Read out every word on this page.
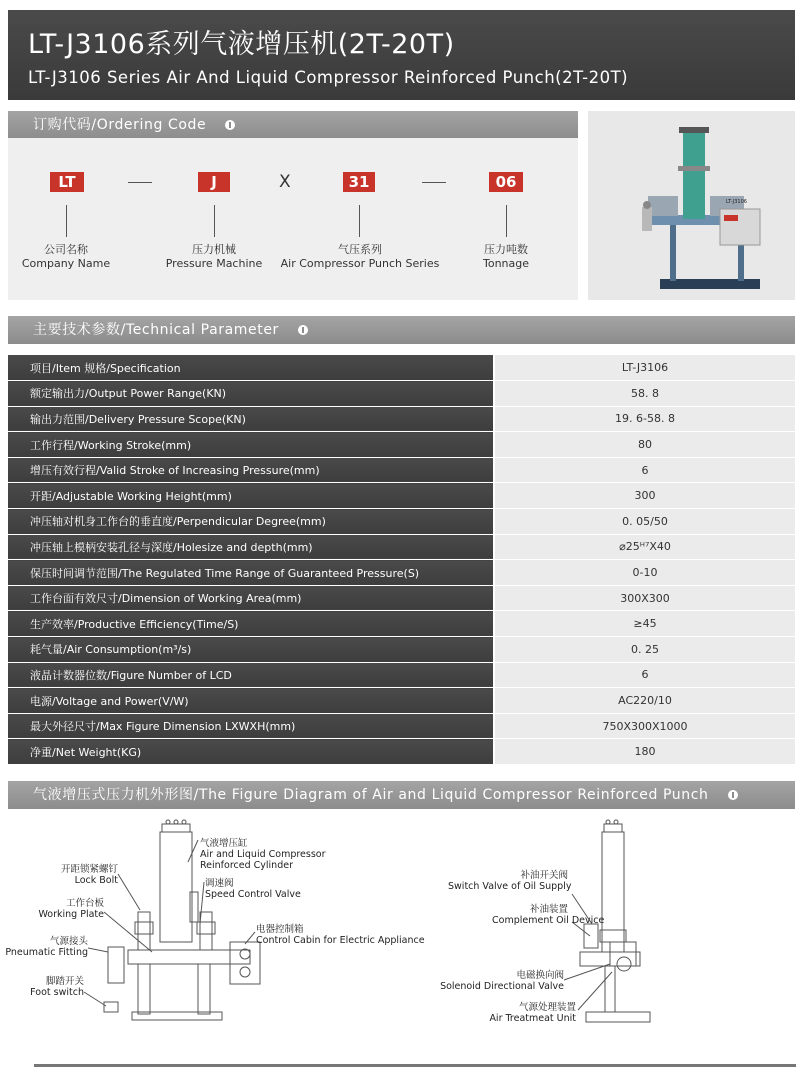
LT-J3106系列气液增压机(2T-20T)
LT-J3106 Series Air And Liquid Compressor Reinforced Punch(2T-20T)
订购代码/Ordering Code
LT	J	X	31	06
公司名称
Company Name
压力机械
Pressure Machine
气压系列
Air Compressor Punch Series
压力吨数
Tonnage
LT-J3106
主要技术参数/Technical Parameter
项目/Item 规格/Specification	LT-J3106
额定输出力/Output Power Range(KN)	58. 8
输出力范围/Delivery Pressure Scope(KN)	19. 6-58. 8
工作行程/Working Stroke(mm)	80
增压有效行程/Valid Stroke of Increasing Pressure(mm)	6
开距/Adjustable Working Height(mm)	300
冲压轴对机身工作台的垂直度/Perpendicular Degree(mm)	0. 05/50
冲压轴上模柄安装孔径与深度/Holesize and depth(mm)	⌀25ᴴ⁷X40
保压时间调节范围/The Regulated Time Range of Guaranteed Pressure(S)	0-10
工作台面有效尺寸/Dimension of Working Area(mm)	300X300
生产效率/Productive Efficiency(Time/S)	≥45
耗气量/Air Consumption(m³/s)	0. 25
液晶计数器位数/Figure Number of LCD	6
电源/Voltage and Power(V/W)	AC220/10
最大外径尺寸/Max Figure Dimension LXWXH(mm)	750X300X1000
净重/Net Weight(KG)	180
气液增压式压力机外形图/The Figure Diagram of Air and Liquid Compressor Reinforced Punch
气液增压缸
Air and Liquid Compressor Reinforced Cylinder
开距锁紧螺钉
Lock Bolt	调速阀
Speed Control Valve
工作台板
Working Plate
电器控制箱
Control Cabin for Electric Appliance
气源接头
Pneumatic Fitting
脚踏开关
Foot switch
补油开关阀
Switch Valve of Oil Supply
补油装置
Complement Oil Device
电磁换向阀
Solenoid Directional Valve
气源处理装置
Air Treatmeat Unit
